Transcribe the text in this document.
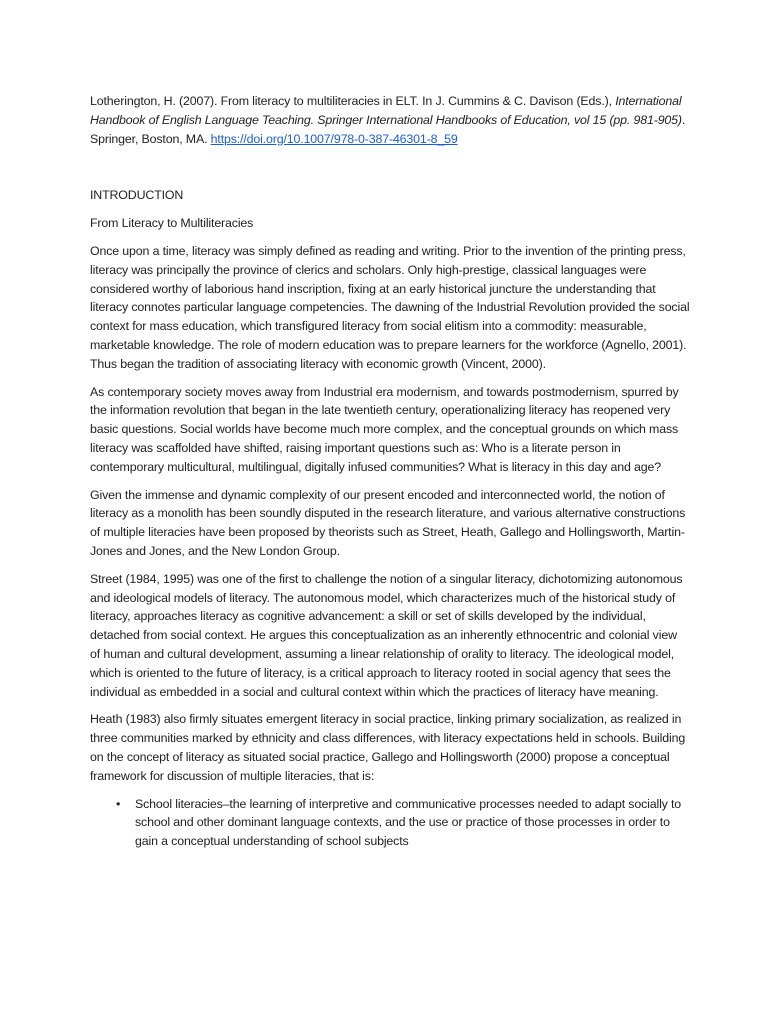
Lotherington, H. (2007). From literacy to multiliteracies in ELT. In J. Cummins & C. Davison (Eds.), International Handbook of English Language Teaching. Springer International Handbooks of Education, vol 15 (pp. 981-905). Springer, Boston, MA. https://doi.org/10.1007/978-0-387-46301-8_59
INTRODUCTION
From Literacy to Multiliteracies

Once upon a time, literacy was simply defined as reading and writing. Prior to the invention of the printing press, literacy was principally the province of clerics and scholars. Only high-prestige, classical languages were considered worthy of laborious hand inscription, fixing at an early historical juncture the understanding that literacy connotes particular language competencies. The dawning of the Industrial Revolution provided the social context for mass education, which transfigured literacy from social elitism into a commodity: measurable, marketable knowledge. The role of modern education was to prepare learners for the workforce (Agnello, 2001). Thus began the tradition of associating literacy with economic growth (Vincent, 2000).

As contemporary society moves away from Industrial era modernism, and towards postmodernism, spurred by the information revolution that began in the late twentieth century, operationalizing literacy has reopened very basic questions. Social worlds have become much more complex, and the conceptual grounds on which mass literacy was scaffolded have shifted, raising important questions such as: Who is a literate person in contemporary multicultural, multilingual, digitally infused communities? What is literacy in this day and age?

Given the immense and dynamic complexity of our present encoded and interconnected world, the notion of literacy as a monolith has been soundly disputed in the research literature, and various alternative constructions of multiple literacies have been proposed by theorists such as Street, Heath, Gallego and Hollingsworth, Martin-Jones and Jones, and the New London Group.

Street (1984, 1995) was one of the first to challenge the notion of a singular literacy, dichotomizing autonomous and ideological models of literacy. The autonomous model, which characterizes much of the historical study of literacy, approaches literacy as cognitive advancement: a skill or set of skills developed by the individual, detached from social context. He argues this conceptualization as an inherently ethnocentric and colonial view of human and cultural development, assuming a linear relationship of orality to literacy. The ideological model, which is oriented to the future of literacy, is a critical approach to literacy rooted in social agency that sees the individual as embedded in a social and cultural context within which the practices of literacy have meaning.

Heath (1983) also firmly situates emergent literacy in social practice, linking primary socialization, as realized in three communities marked by ethnicity and class differences, with literacy expectations held in schools. Building on the concept of literacy as situated social practice, Gallego and Hollingsworth (2000) propose a conceptual framework for discussion of multiple literacies, that is:

• School literacies–the learning of interpretive and communicative processes needed to adapt socially to school and other dominant language contexts, and the use or practice of those processes in order to gain a conceptual understanding of school subjects
